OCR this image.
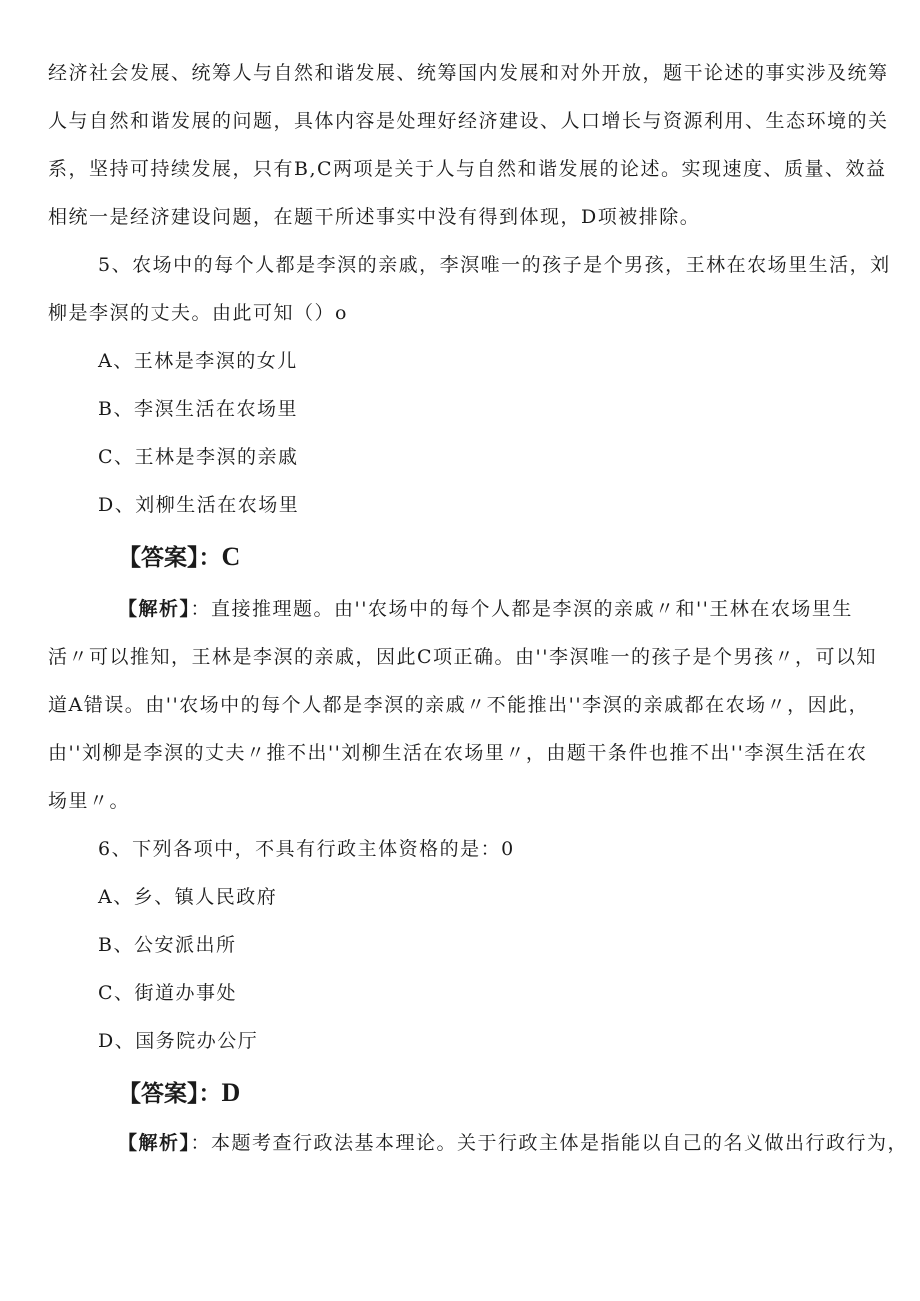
经济社会发展、统筹人与自然和谐发展、统筹国内发展和对外开放，题干论述的事实涉及统筹

人与自然和谐发展的问题，具体内容是处理好经济建设、人口增长与资源利用、生态环境的关

系，坚持可持续发展，只有B,C两项是关于人与自然和谐发展的论述。实现速度、质量、效益

相统一是经济建设问题，在题干所述事实中没有得到体现，D项被排除。

5、农场中的每个人都是李溟的亲戚，李溟唯一的孩子是个男孩，王林在农场里生活，刘

柳是李溟的丈夫。由此可知（）o

A、王林是李溟的女儿

B、李溟生活在农场里

C、王林是李溟的亲戚

D、刘柳生活在农场里

【答案】：C

【解析】：直接推理题。由''农场中的每个人都是李溟的亲戚〃和''王林在农场里生

活〃可以推知，王林是李溟的亲戚，因此C项正确。由''李溟唯一的孩子是个男孩〃，可以知

道A错误。由''农场中的每个人都是李溟的亲戚〃不能推出''李溟的亲戚都在农场〃，因此，

由''刘柳是李溟的丈夫〃推不出''刘柳生活在农场里〃，由题干条件也推不出''李溟生活在农

场里〃。

6、下列各项中，不具有行政主体资格的是：0

A、乡、镇人民政府

B、公安派出所

C、街道办事处

D、国务院办公厅

【答案】：D

【解析】：本题考查行政法基本理论。关于行政主体是指能以自己的名义做出行政行为，
